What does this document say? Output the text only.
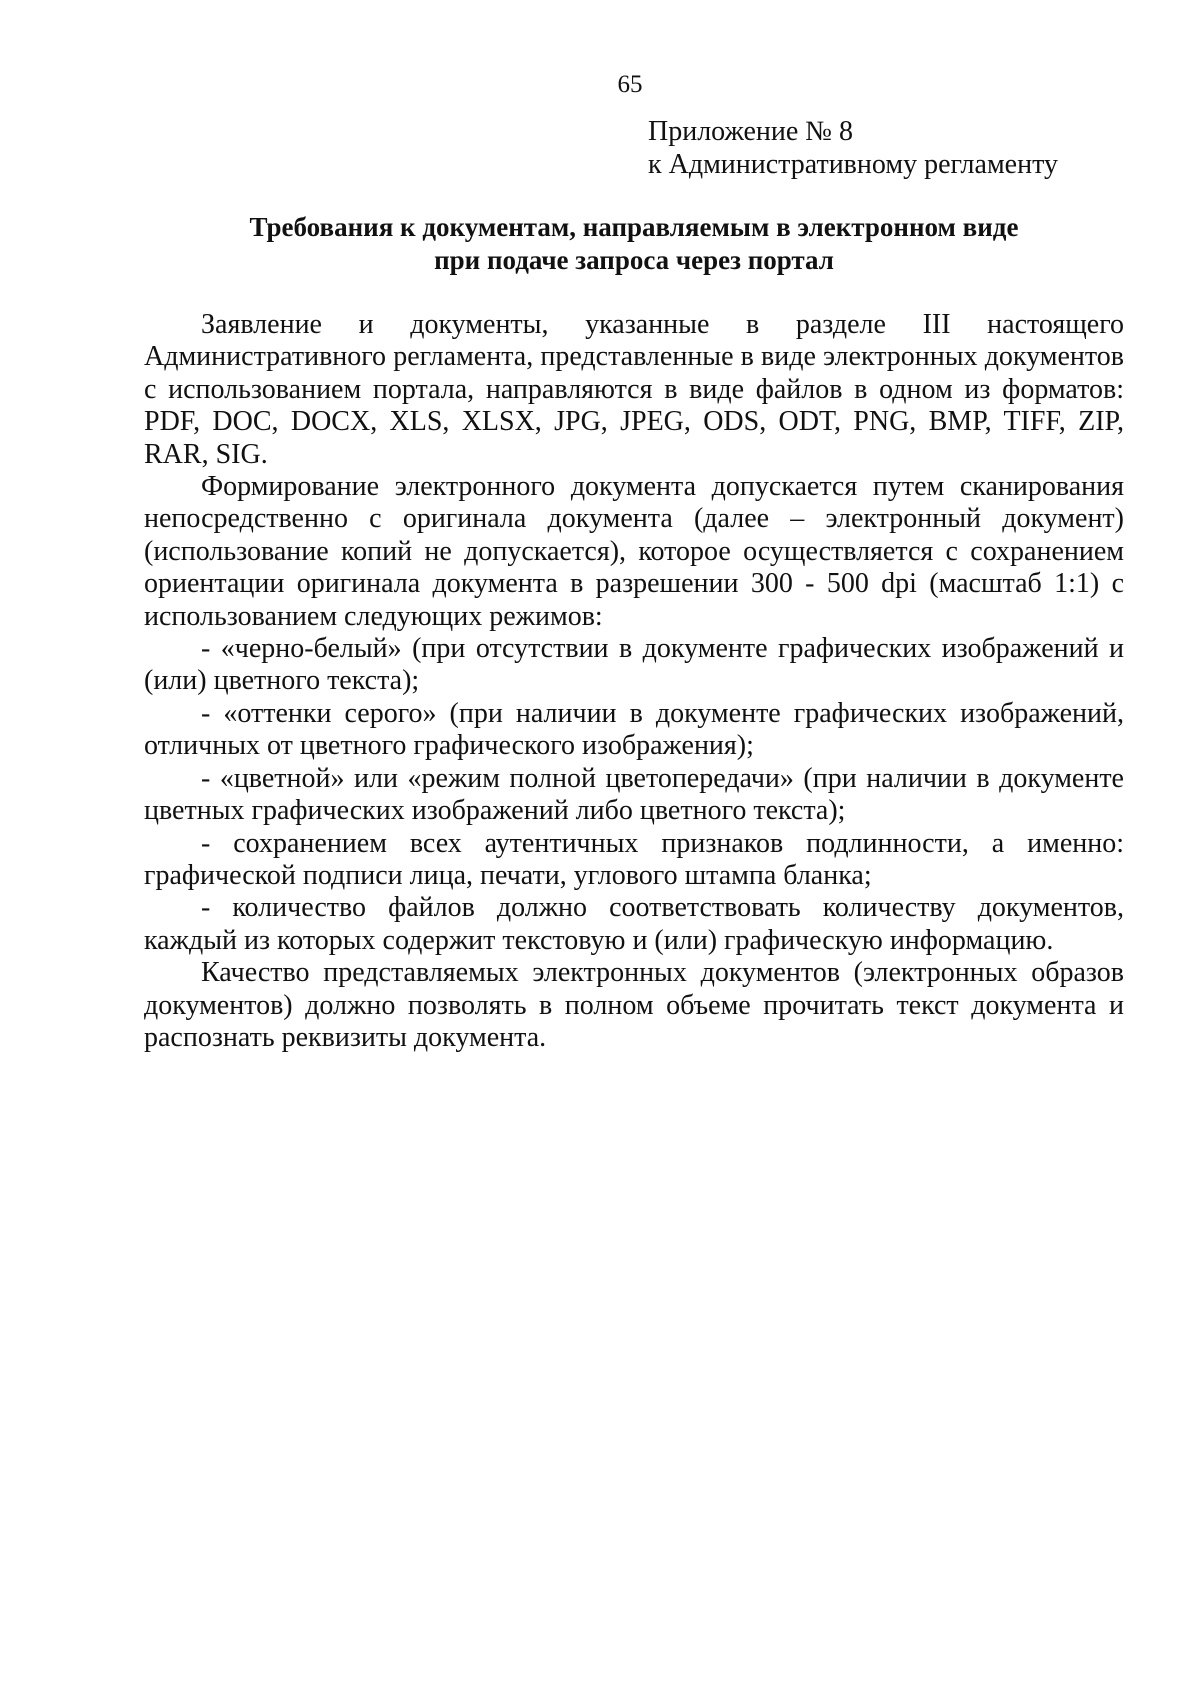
65
Приложение № 8
к Административному регламенту
Требования к документам, направляемым в электронном виде
при подаче запроса через портал

Заявление и документы, указанные в разделе III настоящего Административного регламента, представленные в виде электронных документов с использованием портала, направляются в виде файлов в одном из форматов: PDF, DOC, DOCX, XLS, XLSX, JPG, JPEG, ODS, ODT, PNG, BMP, TIFF, ZIP, RAR, SIG.

Формирование электронного документа допускается путем сканирования непосредственно с оригинала документа (далее – электронный документ) (использование копий не допускается), которое осуществляется с сохранением ориентации оригинала документа в разрешении 300 - 500 dpi (масштаб 1:1) с использованием следующих режимов:

- «черно-белый» (при отсутствии в документе графических изображений и (или) цветного текста);

- «оттенки серого» (при наличии в документе графических изображений, отличных от цветного графического изображения);

- «цветной» или «режим полной цветопередачи» (при наличии в документе цветных графических изображений либо цветного текста);

- сохранением всех аутентичных признаков подлинности, а именно: графической подписи лица, печати, углового штампа бланка;

- количество файлов должно соответствовать количеству документов, каждый из которых содержит текстовую и (или) графическую информацию.

Качество представляемых электронных документов (электронных образов документов) должно позволять в полном объеме прочитать текст документа и распознать реквизиты документа.
